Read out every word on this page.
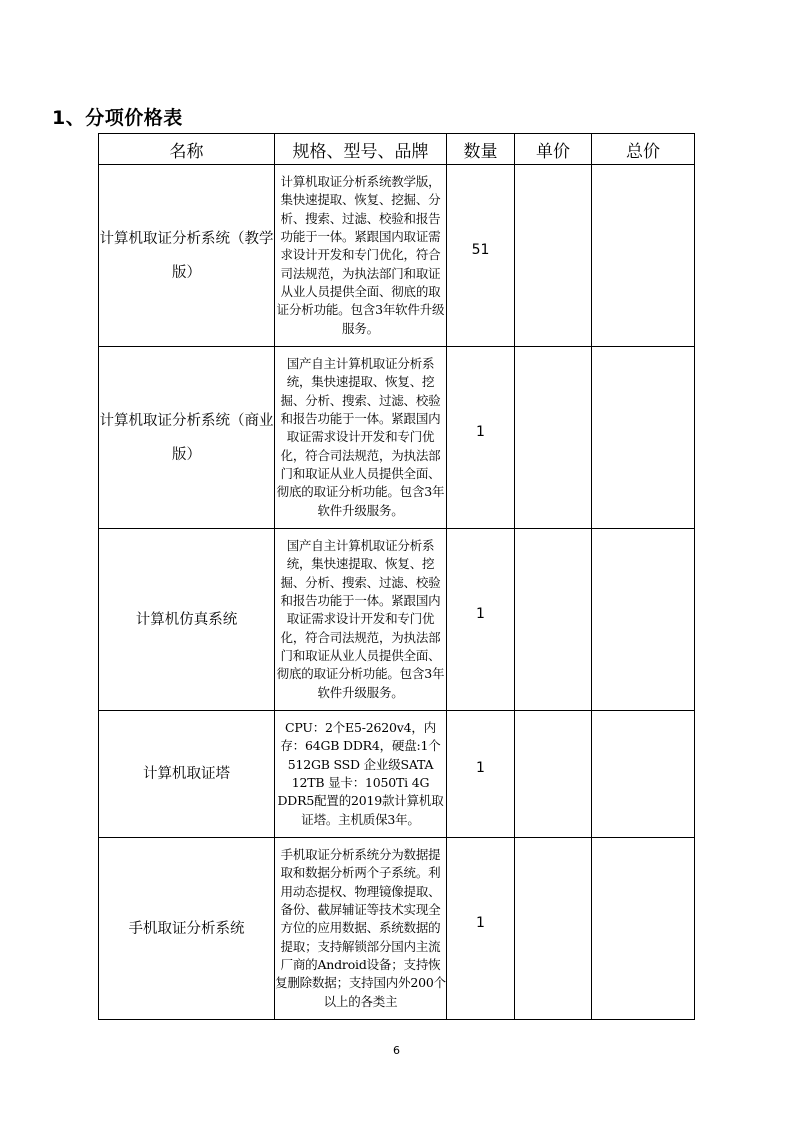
1、分项价格表
名称	规格、型号、品牌	数量	单价	总价
计算机取证分析系统（教学版）	计算机取证分析系统教学版，集快速提取、恢复、挖掘、分析、搜索、过滤、校验和报告功能于一体。紧跟国内取证需求设计开发和专门优化，符合司法规范，为执法部门和取证从业人员提供全面、彻底的取证分析功能。包含3年软件升级服务。	51		

计算机取证分析系统（商业版）	国产自主计算机取证分析系统，集快速提取、恢复、挖掘、分析、搜索、过滤、校验和报告功能于一体。紧跟国内取证需求设计开发和专门优化，符合司法规范，为执法部门和取证从业人员提供全面、彻底的取证分析功能。包含3年软件升级服务。	1		

计算机仿真系统	国产自主计算机取证分析系统，集快速提取、恢复、挖掘、分析、搜索、过滤、校验和报告功能于一体。紧跟国内取证需求设计开发和专门优化，符合司法规范，为执法部门和取证从业人员提供全面、彻底的取证分析功能。包含3年软件升级服务。	1		

计算机取证塔	CPU：2个E5-2620v4，内存：64GB DDR4，硬盘:1个512GB SSD 企业级SATA 12TB 显卡：1050Ti 4G DDR5配置的2019款计算机取证塔。主机质保3年。	1		

手机取证分析系统	手机取证分析系统分为数据提取和数据分析两个子系统。利用动态提权、物理镜像提取、备份、截屏辅证等技术实现全方位的应用数据、系统数据的提取；支持解锁部分国内主流厂商的Android设备；支持恢复删除数据；支持国内外200个以上的各类主	1		

6
